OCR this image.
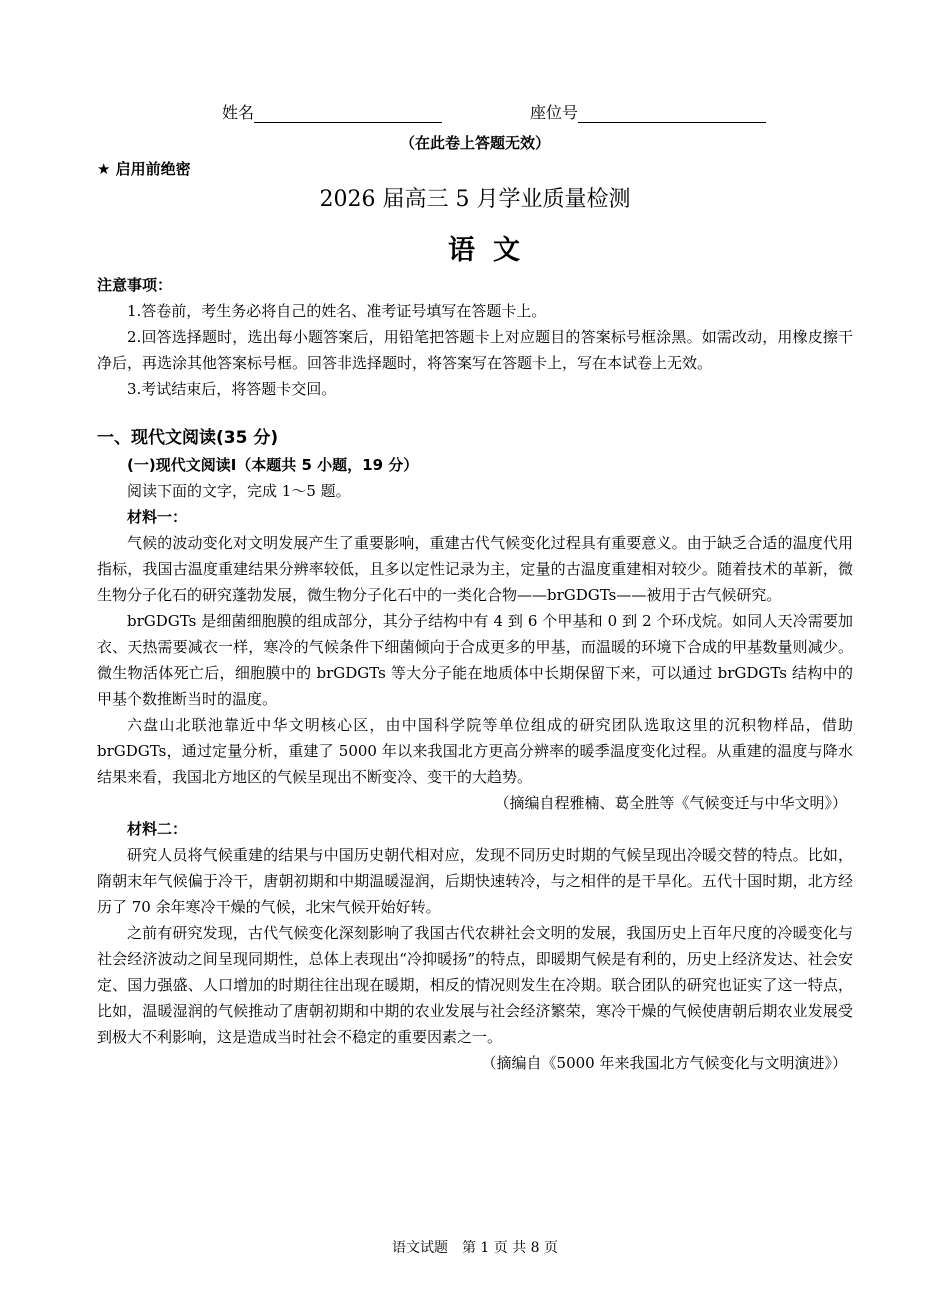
姓名	座位号
（在此卷上答题无效）
★ 启用前绝密
2026 届高三 5 月学业质量检测
语文
注意事项：

1.答卷前，考生务必将自己的姓名、准考证号填写在答题卡上。

2.回答选择题时，选出每小题答案后，用铅笔把答题卡上对应题目的答案标号框涂黑。如需改动，用橡皮擦干净后，再选涂其他答案标号框。回答非选择题时，将答案写在答题卡上，写在本试卷上无效。

3.考试结束后，将答题卡交回。

一、现代文阅读(35 分)
(一)现代文阅读Ⅰ（本题共 5 小题，19 分）
阅读下面的文字，完成 1～5 题。
材料一：

气候的波动变化对文明发展产生了重要影响，重建古代气候变化过程具有重要意义。由于缺乏合适的温度代用指标，我国古温度重建结果分辨率较低，且多以定性记录为主，定量的古温度重建相对较少。随着技术的革新，微生物分子化石的研究蓬勃发展，微生物分子化石中的一类化合物——brGDGTs——被用于古气候研究。

brGDGTs 是细菌细胞膜的组成部分，其分子结构中有 4 到 6 个甲基和 0 到 2 个环戊烷。如同人天冷需要加衣、天热需要减衣一样，寒冷的气候条件下细菌倾向于合成更多的甲基，而温暖的环境下合成的甲基数量则减少。微生物活体死亡后，细胞膜中的 brGDGTs 等大分子能在地质体中长期保留下来，可以通过 brGDGTs 结构中的甲基个数推断当时的温度。

六盘山北联池靠近中华文明核心区，由中国科学院等单位组成的研究团队选取这里的沉积物样品，借助 brGDGTs，通过定量分析，重建了 5000 年以来我国北方更高分辨率的暖季温度变化过程。从重建的温度与降水结果来看，我国北方地区的气候呈现出不断变冷、变干的大趋势。

（摘编自程雅楠、葛全胜等《气候变迁与中华文明》）
材料二：

研究人员将气候重建的结果与中国历史朝代相对应，发现不同历史时期的气候呈现出冷暖交替的特点。比如，隋朝末年气候偏于冷干，唐朝初期和中期温暖湿润，后期快速转冷，与之相伴的是干旱化。五代十国时期，北方经历了 70 余年寒冷干燥的气候，北宋气候开始好转。

之前有研究发现，古代气候变化深刻影响了我国古代农耕社会文明的发展，我国历史上百年尺度的冷暖变化与社会经济波动之间呈现同期性，总体上表现出“冷抑暖扬”的特点，即暖期气候是有利的，历史上经济发达、社会安定、国力强盛、人口增加的时期往往出现在暖期，相反的情况则发生在冷期。联合团队的研究也证实了这一特点，比如，温暖湿润的气候推动了唐朝初期和中期的农业发展与社会经济繁荣，寒冷干燥的气候使唐朝后期农业发展受到极大不利影响，这是造成当时社会不稳定的重要因素之一。

（摘编自《5000 年来我国北方气候变化与文明演进》）
语文试题　第 1 页 共 8 页
